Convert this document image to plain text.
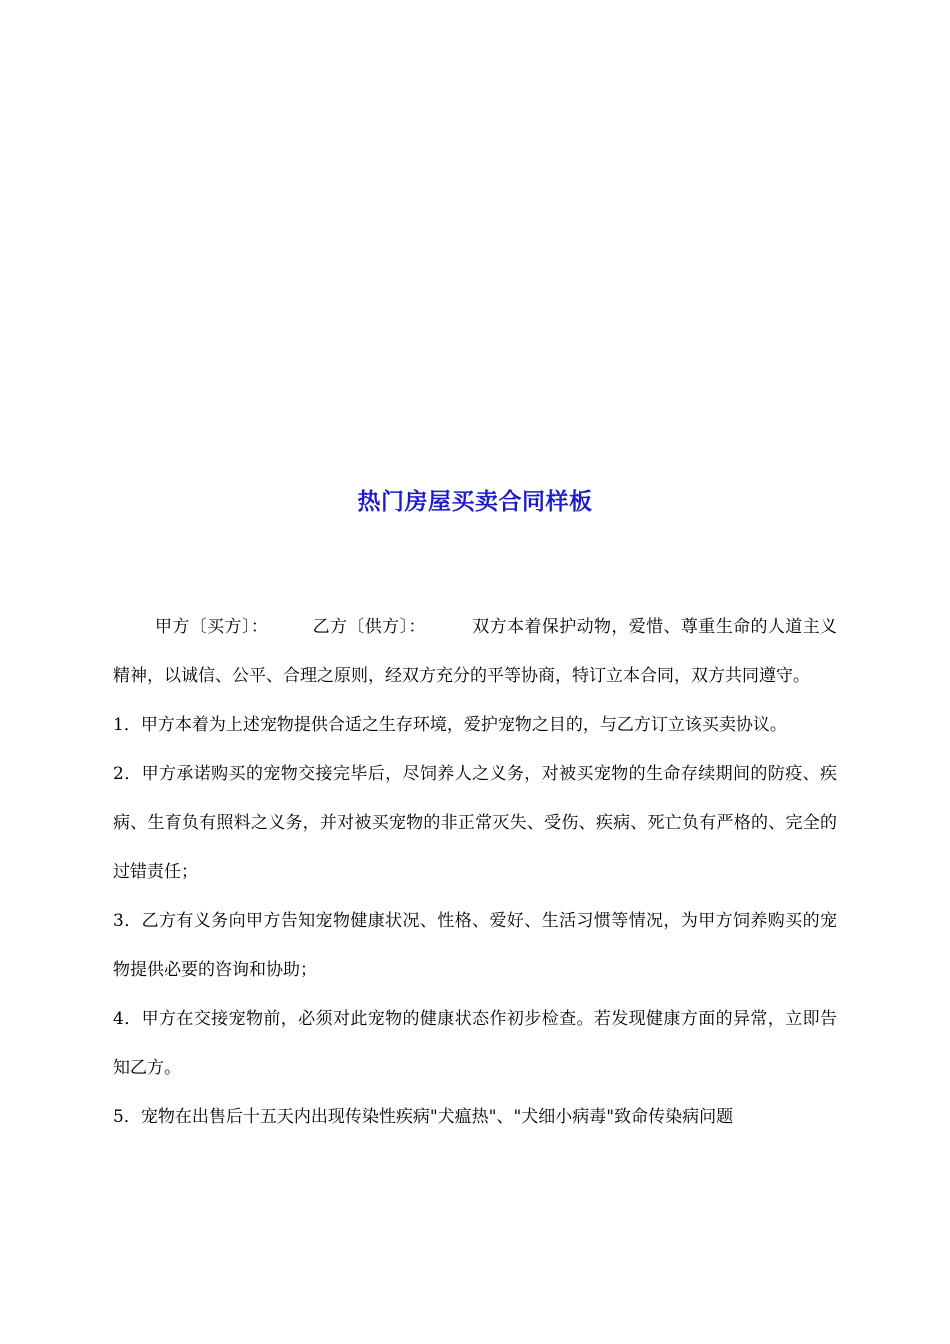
热门房屋买卖合同样板

甲方〔买方〕：	乙方〔供方〕：	双方本着保护动物，爱惜、尊重生命的人道主义精神，以诚信、公平、合理之原则，经双方充分的平等协商，特订立本合同，双方共同遵守。

1．甲方本着为上述宠物提供合适之生存环境，爱护宠物之目的，与乙方订立该买卖协议。

2．甲方承诺购买的宠物交接完毕后，尽饲养人之义务，对被买宠物的生命存续期间的防疫、疾病、生育负有照料之义务，并对被买宠物的非正常灭失、受伤、疾病、死亡负有严格的、完全的过错责任；

3．乙方有义务向甲方告知宠物健康状况、性格、爱好、生活习惯等情况，为甲方饲养购买的宠物提供必要的咨询和协助；

4．甲方在交接宠物前，必须对此宠物的健康状态作初步检查。若发现健康方面的异常，立即告知乙方。

5．宠物在出售后十五天内出现传染性疾病"犬瘟热"、"犬细小病毒"致命传染病问题
